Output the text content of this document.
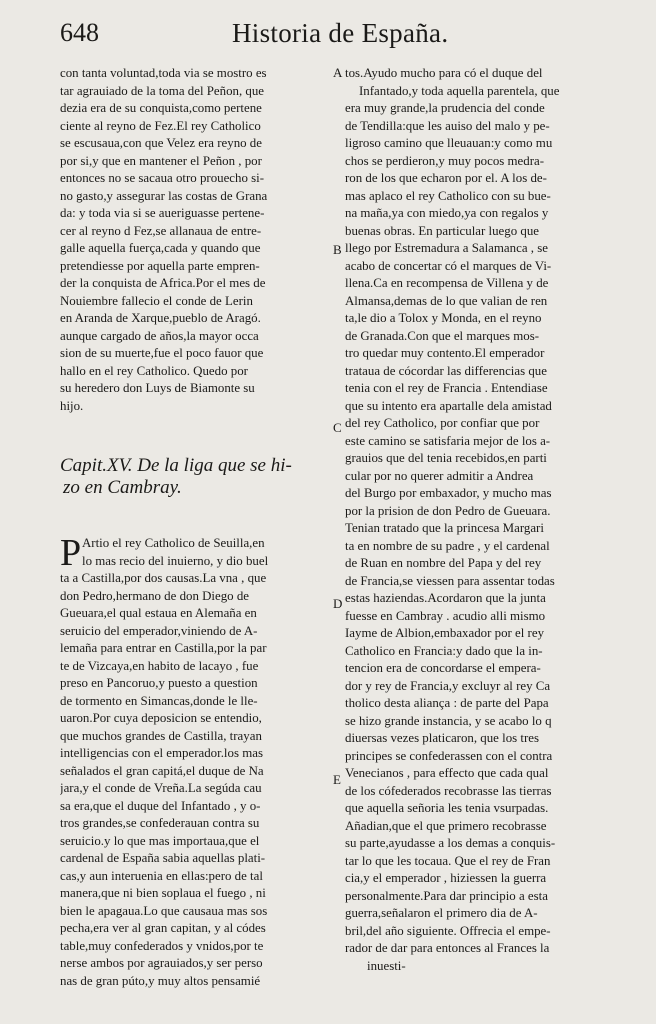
648	Historia de España.
A
B
C
D
E
con tanta voluntad,toda via se mostro es
tar agrauiado de la toma del Peñon, que
dezia era de su conquista,como pertene
ciente al reyno de Fez.El rey Catholico
se escusaua,con que Velez era reyno de
por si,y que en mantener el Peñon , por
entonces no se sacaua otro prouecho si-
no gasto,y assegurar las costas de Grana
da: y toda via si se aueriguasse pertene-
cer al reyno d Fez,se allanaua de entre-
galle aquella fuerça,cada y quando que
pretendiesse por aquella parte empren-
der la conquista de Africa.Por el mes de
Nouiembre fallecio el conde de Lerin
en Aranda de Xarque,pueblo de Aragó.
aunque cargado de años,la mayor occa
sion de su muerte,fue el poco fauor que
hallo en el rey Catholico. Quedo por
su heredero don Luys de Biamonte su
hijo.
Capit.XV. De la liga que se hi-
zo en Cambray.
P Artio el rey Catholico de Seuilla,en
lo mas recio del inuierno, y dio buel
ta a Castilla,por dos causas.La vna , que
don Pedro,hermano de don Diego de
Gueuara,el qual estaua en Alemaña en
seruicio del emperador,viniendo de A-
lemaña para entrar en Castilla,por la par
te de Vizcaya,en habito de lacayo , fue
preso en Pancoruo,y puesto a question
de tormento en Simancas,donde le lle-
uaron.Por cuya deposicion se entendio,
que muchos grandes de Castilla, trayan
intelligencias con el emperador.los mas
señalados el gran capitá,el duque de Na
jara,y el conde de Vreña.La segúda cau
sa era,que el duque del Infantado , y o-
tros grandes,se confederauan contra su
seruicio.y lo que mas importaua,que el
cardenal de España sabia aquellas plati-
cas,y aun interuenia en ellas:pero de tal
manera,que ni bien soplaua el fuego , ni
bien le apagaua.Lo que causaua mas sos
pecha,era ver al gran capitan, y al códes
table,muy confederados y vnidos,por te
nerse ambos por agrauiados,y ser perso
nas de gran púto,y muy altos pensamié
tos.Ayudo mucho para có el duque del
Infantado,y toda aquella parentela, que
era muy grande,la prudencia del conde
de Tendilla:que les auiso del malo y pe-
ligroso camino que lleuauan:y como mu
chos se perdieron,y muy pocos medra-
ron de los que echaron por el. A los de-
mas aplaco el rey Catholico con su bue-
na maña,ya con miedo,ya con regalos y
buenas obras. En particular luego que
llego por Estremadura a Salamanca , se
acabo de concertar có el marques de Vi-
llena.Ca en recompensa de Villena y de
Almansa,demas de lo que valian de ren
ta,le dio a Tolox y Monda, en el reyno
de Granada.Con que el marques mos-
tro quedar muy contento.El emperador
trataua de cócordar las differencias que
tenia con el rey de Francia . Entendiase
que su intento era apartalle dela amistad
del rey Catholico, por confiar que por
este camino se satisfaria mejor de los a-
grauios que del tenia recebidos,en parti
cular por no querer admitir a Andrea
del Burgo por embaxador, y mucho mas
por la prision de don Pedro de Gueuara.
Tenian tratado que la princesa Margari
ta en nombre de su padre , y el cardenal
de Ruan en nombre del Papa y del rey
de Francia,se viessen para assentar todas
estas haziendas.Acordaron que la junta
fuesse en Cambray . acudio alli mismo
Iayme de Albion,embaxador por el rey
Catholico en Francia:y dado que la in-
tencion era de concordarse el empera-
dor y rey de Francia,y excluyr al rey Ca
tholico desta aliança : de parte del Papa
se hizo grande instancia, y se acabo lo q
diuersas vezes platicaron, que los tres
principes se confederassen con el contra
Venecianos , para effecto que cada qual
de los cófederados recobrasse las tierras
que aquella señoria les tenia vsurpadas.
Añadian,que el que primero recobrasse
su parte,ayudasse a los demas a conquis-
tar lo que les tocaua. Que el rey de Fran
cia,y el emperador , hiziessen la guerra
personalmente.Para dar principio a esta
guerra,señalaron el primero dia de A-
bril,del año siguiente. Offrecia el empe-
rador de dar para entonces al Frances la
inuesti-
